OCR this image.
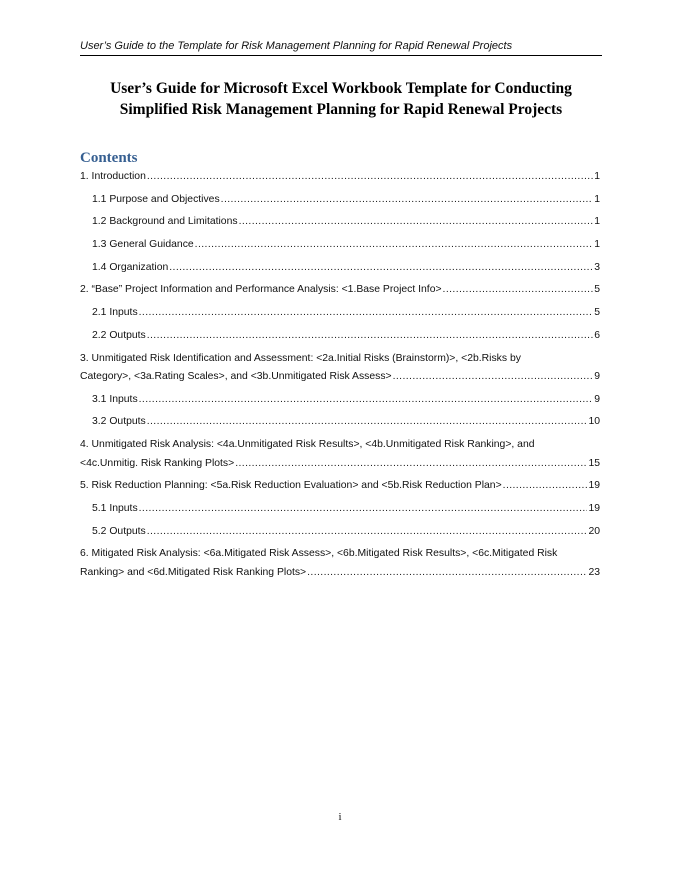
User’s Guide to the Template for Risk Management Planning for Rapid Renewal Projects
User’s Guide for Microsoft Excel Workbook Template for Conducting
Simplified Risk Management Planning for Rapid Renewal Projects
Contents
1. Introduction .....	1
1.1 Purpose and Objectives .....	1
1.2 Background and Limitations .....	1
1.3 General Guidance .....	1
1.4 Organization .....	3
2. “Base” Project Information and Performance Analysis: <1.Base Project Info> .....	5
2.1 Inputs .....	5
2.2 Outputs .....	6
3. Unmitigated Risk Identification and Assessment: <2a.Initial Risks (Brainstorm)>, <2b.Risks by
Category>, <3a.Rating Scales>, and <3b.Unmitigated Risk Assess> .....	9
3.1 Inputs .....	9
3.2 Outputs .....	10
4. Unmitigated Risk Analysis: <4a.Unmitigated Risk Results>, <4b.Unmitigated Risk Ranking>, and
<4c.Unmitig. Risk Ranking Plots> .....	15
5. Risk Reduction Planning: <5a.Risk Reduction Evaluation> and <5b.Risk Reduction Plan> .....	19
5.1 Inputs .....	19
5.2 Outputs .....	20
6. Mitigated Risk Analysis: <6a.Mitigated Risk Assess>, <6b.Mitigated Risk Results>, <6c.Mitigated Risk
Ranking> and <6d.Mitigated Risk Ranking Plots> .....	23
i
